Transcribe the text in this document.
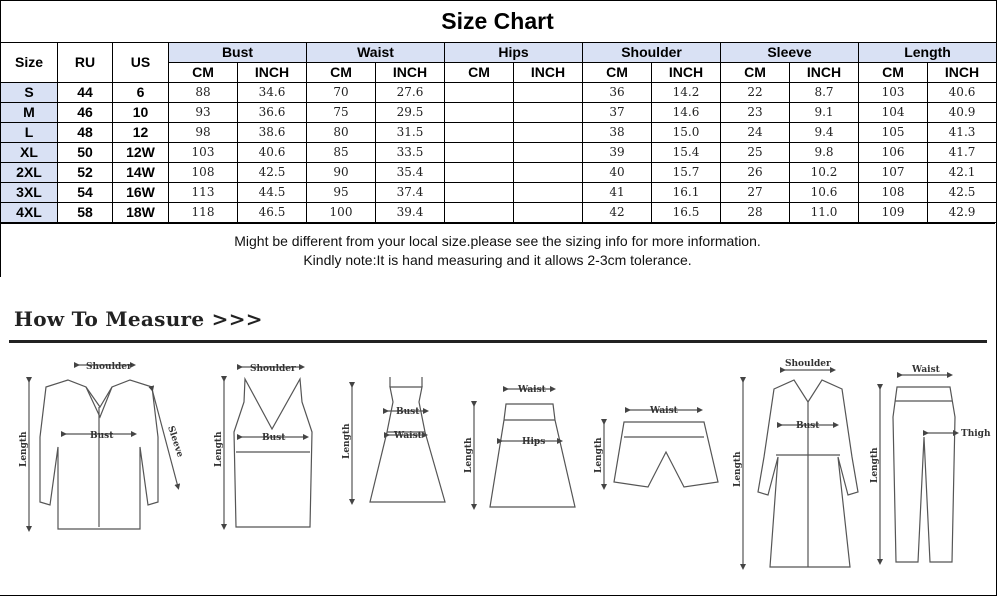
Size Chart
Size	RU	US	Bust		Waist		Hips		Shoulder		Sleeve		Length	
			CM	INCH	CM	INCH	CM	INCH	CM	INCH	CM	INCH	CM	INCH
S	44	6	88	34.6	70	27.6			36	14.2	22	8.7	103	40.6
M	46	10	93	36.6	75	29.5			37	14.6	23	9.1	104	40.9
L	48	12	98	38.6	80	31.5			38	15.0	24	9.4	105	41.3
XL	50	12W	103	40.6	85	33.5			39	15.4	25	9.8	106	41.7
2XL	52	14W	108	42.5	90	35.4			40	15.7	26	10.2	107	42.1
3XL	54	16W	113	44.5	95	37.4			41	16.1	27	10.6	108	42.5
4XL	58	18W	118	46.5	100	39.4			42	16.5	28	11.0	109	42.9
Might be different from your local size.please see the sizing info for more information.
Kindly note:It is hand measuring and it allows 2-3cm tolerance.
How To Measure >>>
Shoulder
Bust
Length	Sleeve
Shoulder
Bust
Length
Bust
Waist
Length
Waist
Hips
Length
Waist
Length
Shoulder
Bust
Length
Waist
Thigh
Length
